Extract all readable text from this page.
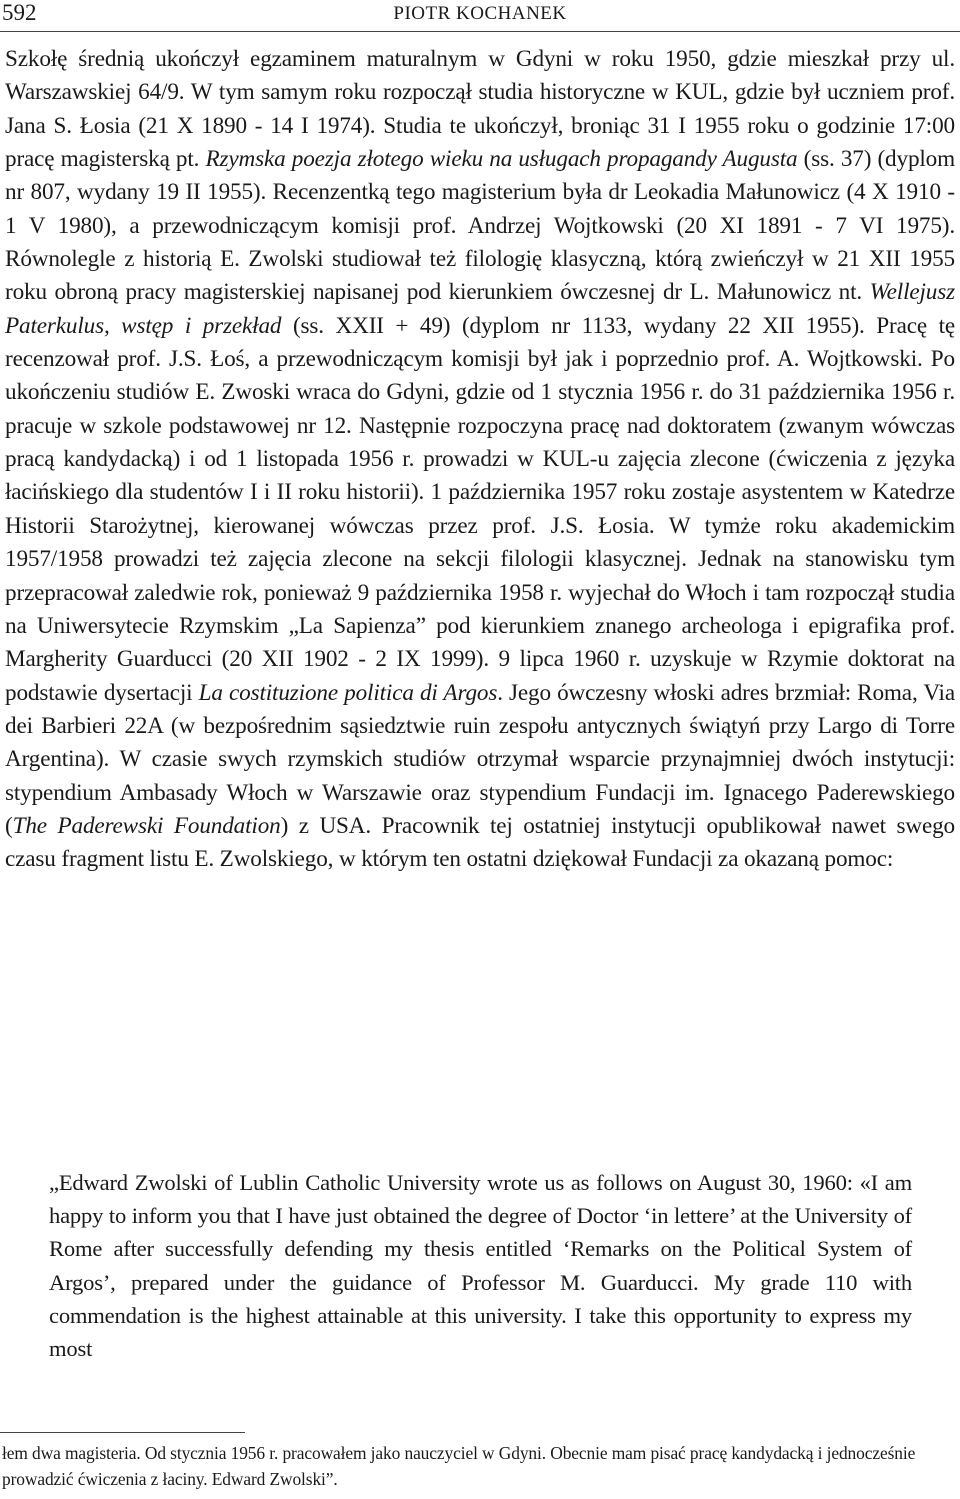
592	PIOTR KOCHANEK

Szkołę średnią ukończył egzaminem maturalnym w Gdyni w roku 1950, gdzie mieszkał przy ul. Warszawskiej 64/9. W tym samym roku rozpoczął studia historyczne w KUL, gdzie był uczniem prof. Jana S. Łosia (21 X 1890 - 14 I 1974). Studia te ukończył, broniąc 31 I 1955 roku o godzinie 17:00 pracę magisterską pt. Rzymska poezja złotego wieku na usługach propagandy Augusta (ss. 37) (dyplom nr 807, wydany 19 II 1955). Recenzentką tego magisterium była dr Leokadia Małunowicz (4 X 1910 - 1 V 1980), a przewodniczącym komisji prof. Andrzej Wojtkowski (20 XI 1891 - 7 VI 1975). Równolegle z historią E. Zwolski studiował też filologię klasyczną, którą zwieńczył w 21 XII 1955 roku obroną pracy magisterskiej napisanej pod kierunkiem ówczesnej dr L. Małunowicz nt. Wellejusz Paterkulus, wstęp i przekład (ss. XXII + 49) (dyplom nr 1133, wydany 22 XII 1955). Pracę tę recenzował prof. J.S. Łoś, a przewodniczącym komisji był jak i poprzednio prof. A. Wojtkowski. Po ukończeniu studiów E. Zwoski wraca do Gdyni, gdzie od 1 stycznia 1956 r. do 31 października 1956 r. pracuje w szkole podstawowej nr 12. Następnie rozpoczyna pracę nad doktoratem (zwanym wówczas pracą kandydacką) i od 1 listopada 1956 r. prowadzi w KUL-u zajęcia zlecone (ćwiczenia z języka łacińskiego dla studentów I i II roku historii). 1 października 1957 roku zostaje asystentem w Katedrze Historii Starożytnej, kierowanej wówczas przez prof. J.S. Łosia. W tymże roku akademickim 1957/1958 prowadzi też zajęcia zlecone na sekcji filologii klasycznej. Jednak na stanowisku tym przepracował zaledwie rok, ponieważ 9 października 1958 r. wyjechał do Włoch i tam rozpoczął studia na Uniwersytecie Rzymskim „La Sapienza” pod kierunkiem znanego archeologa i epigrafika prof. Margherity Guarducci (20 XII 1902 - 2 IX 1999). 9 lipca 1960 r. uzyskuje w Rzymie doktorat na podstawie dysertacji La costituzione politica di Argos. Jego ówczesny włoski adres brzmiał: Roma, Via dei Barbieri 22A (w bezpośrednim sąsiedztwie ruin zespołu antycznych świątyń przy Largo di Torre Argentina). W czasie swych rzymskich studiów otrzymał wsparcie przynajmniej dwóch instytucji: stypendium Ambasady Włoch w Warszawie oraz stypendium Fundacji im. Ignacego Paderewskiego (The Paderewski Foundation) z USA. Pracownik tej ostatniej instytucji opublikował nawet swego czasu fragment listu E. Zwolskiego, w którym ten ostatni dziękował Fundacji za okazaną pomoc:

„Edward Zwolski of Lublin Catholic University wrote us as follows on August 30, 1960: «I am happy to inform you that I have just obtained the degree of Doctor ‘in lettere’ at the University of Rome after successfully defending my thesis entitled ‘Remarks on the Political System of Argos’, prepared under the guidance of Professor M. Guarducci. My grade 110 with commendation is the highest attainable at this university. I take this opportunity to express my most

łem dwa magisteria. Od stycznia 1956 r. pracowałem jako nauczyciel w Gdyni. Obecnie mam pisać pracę kandydacką i jednocześnie prowadzić ćwiczenia z łaciny. Edward Zwolski”.
